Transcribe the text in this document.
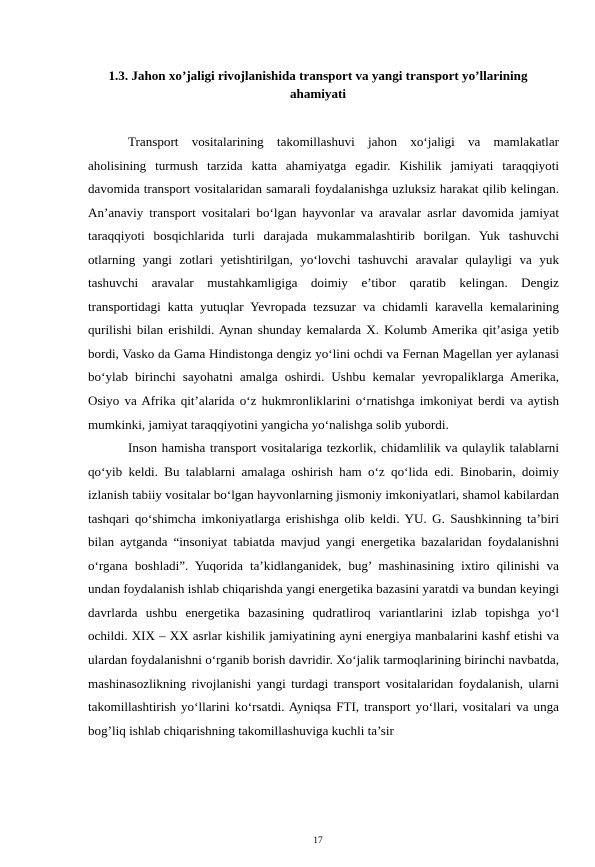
1.3. Jahon xo’jaligi rivojlanishida transport va yangi transport yo’llarining ahamiyati

Transport vositalarining takomillashuvi jahon xo‘jaligi va mamlakatlar aholisining turmush tarzida katta ahamiyatga egadir. Kishilik jamiyati taraqqiyoti davomida transport vositalaridan samarali foydalanishga uzluksiz harakat qilib kelingan. An’anaviy transport vositalari bo‘lgan hayvonlar va aravalar asrlar davomida jamiyat taraqqiyoti bosqichlarida turli darajada mukammalashtirib borilgan. Yuk tashuvchi otlarning yangi zotlari yetishtirilgan, yo‘lovchi tashuvchi aravalar qulayligi va yuk tashuvchi aravalar mustahkamligiga doimiy e’tibor qaratib kelingan. Dengiz transportidagi katta yutuqlar Yevropada tezsuzar va chidamli karavella kemalarining qurilishi bilan erishildi. Aynan shunday kemalarda X. Kolumb Amerika qit’asiga yetib bordi, Vasko da Gama Hindistonga dengiz yo‘lini ochdi va Fernan Magellan yer aylanasi bo‘ylab birinchi sayohatni amalga oshirdi. Ushbu kemalar yevropaliklarga Amerika, Osiyo va Afrika qit’alarida o‘z hukmronliklarini o‘rnatishga imkoniyat berdi va aytish mumkinki, jamiyat taraqqiyotini yangicha yo‘nalishga solib yubordi.

Inson hamisha transport vositalariga tezkorlik, chidamlilik va qulaylik talablarni qo‘yib keldi. Bu talablarni amalaga oshirish ham o‘z qo‘lida edi. Binobarin, doimiy izlanish tabiiy vositalar bo‘lgan hayvonlarning jismoniy imkoniyatlari, shamol kabilardan tashqari qo‘shimcha imkoniyatlarga erishishga olib keldi. YU. G. Saushkinning ta’biri bilan aytganda “insoniyat tabiatda mavjud yangi energetika bazalaridan foydalanishni o‘rgana boshladi”. Yuqorida ta’kidlanganidek, bug’ mashinasining ixtiro qilinishi va undan foydalanish ishlab chiqarishda yangi energetika bazasini yaratdi va bundan keyingi davrlarda ushbu energetika bazasining qudratliroq variantlarini izlab topishga yo‘l ochildi. XIX – XX asrlar kishilik jamiyatining ayni energiya manbalarini kashf etishi va ulardan foydalanishni o‘rganib borish davridir. Xo‘jalik tarmoqlarining birinchi navbatda, mashinasozlikning rivojlanishi yangi turdagi transport vositalaridan foydalanish, ularni takomillashtirish yo‘llarini ko‘rsatdi. Ayniqsa FTI, transport yo‘llari, vositalari va unga bog’liq ishlab chiqarishning takomillashuviga kuchli ta’sir

17
